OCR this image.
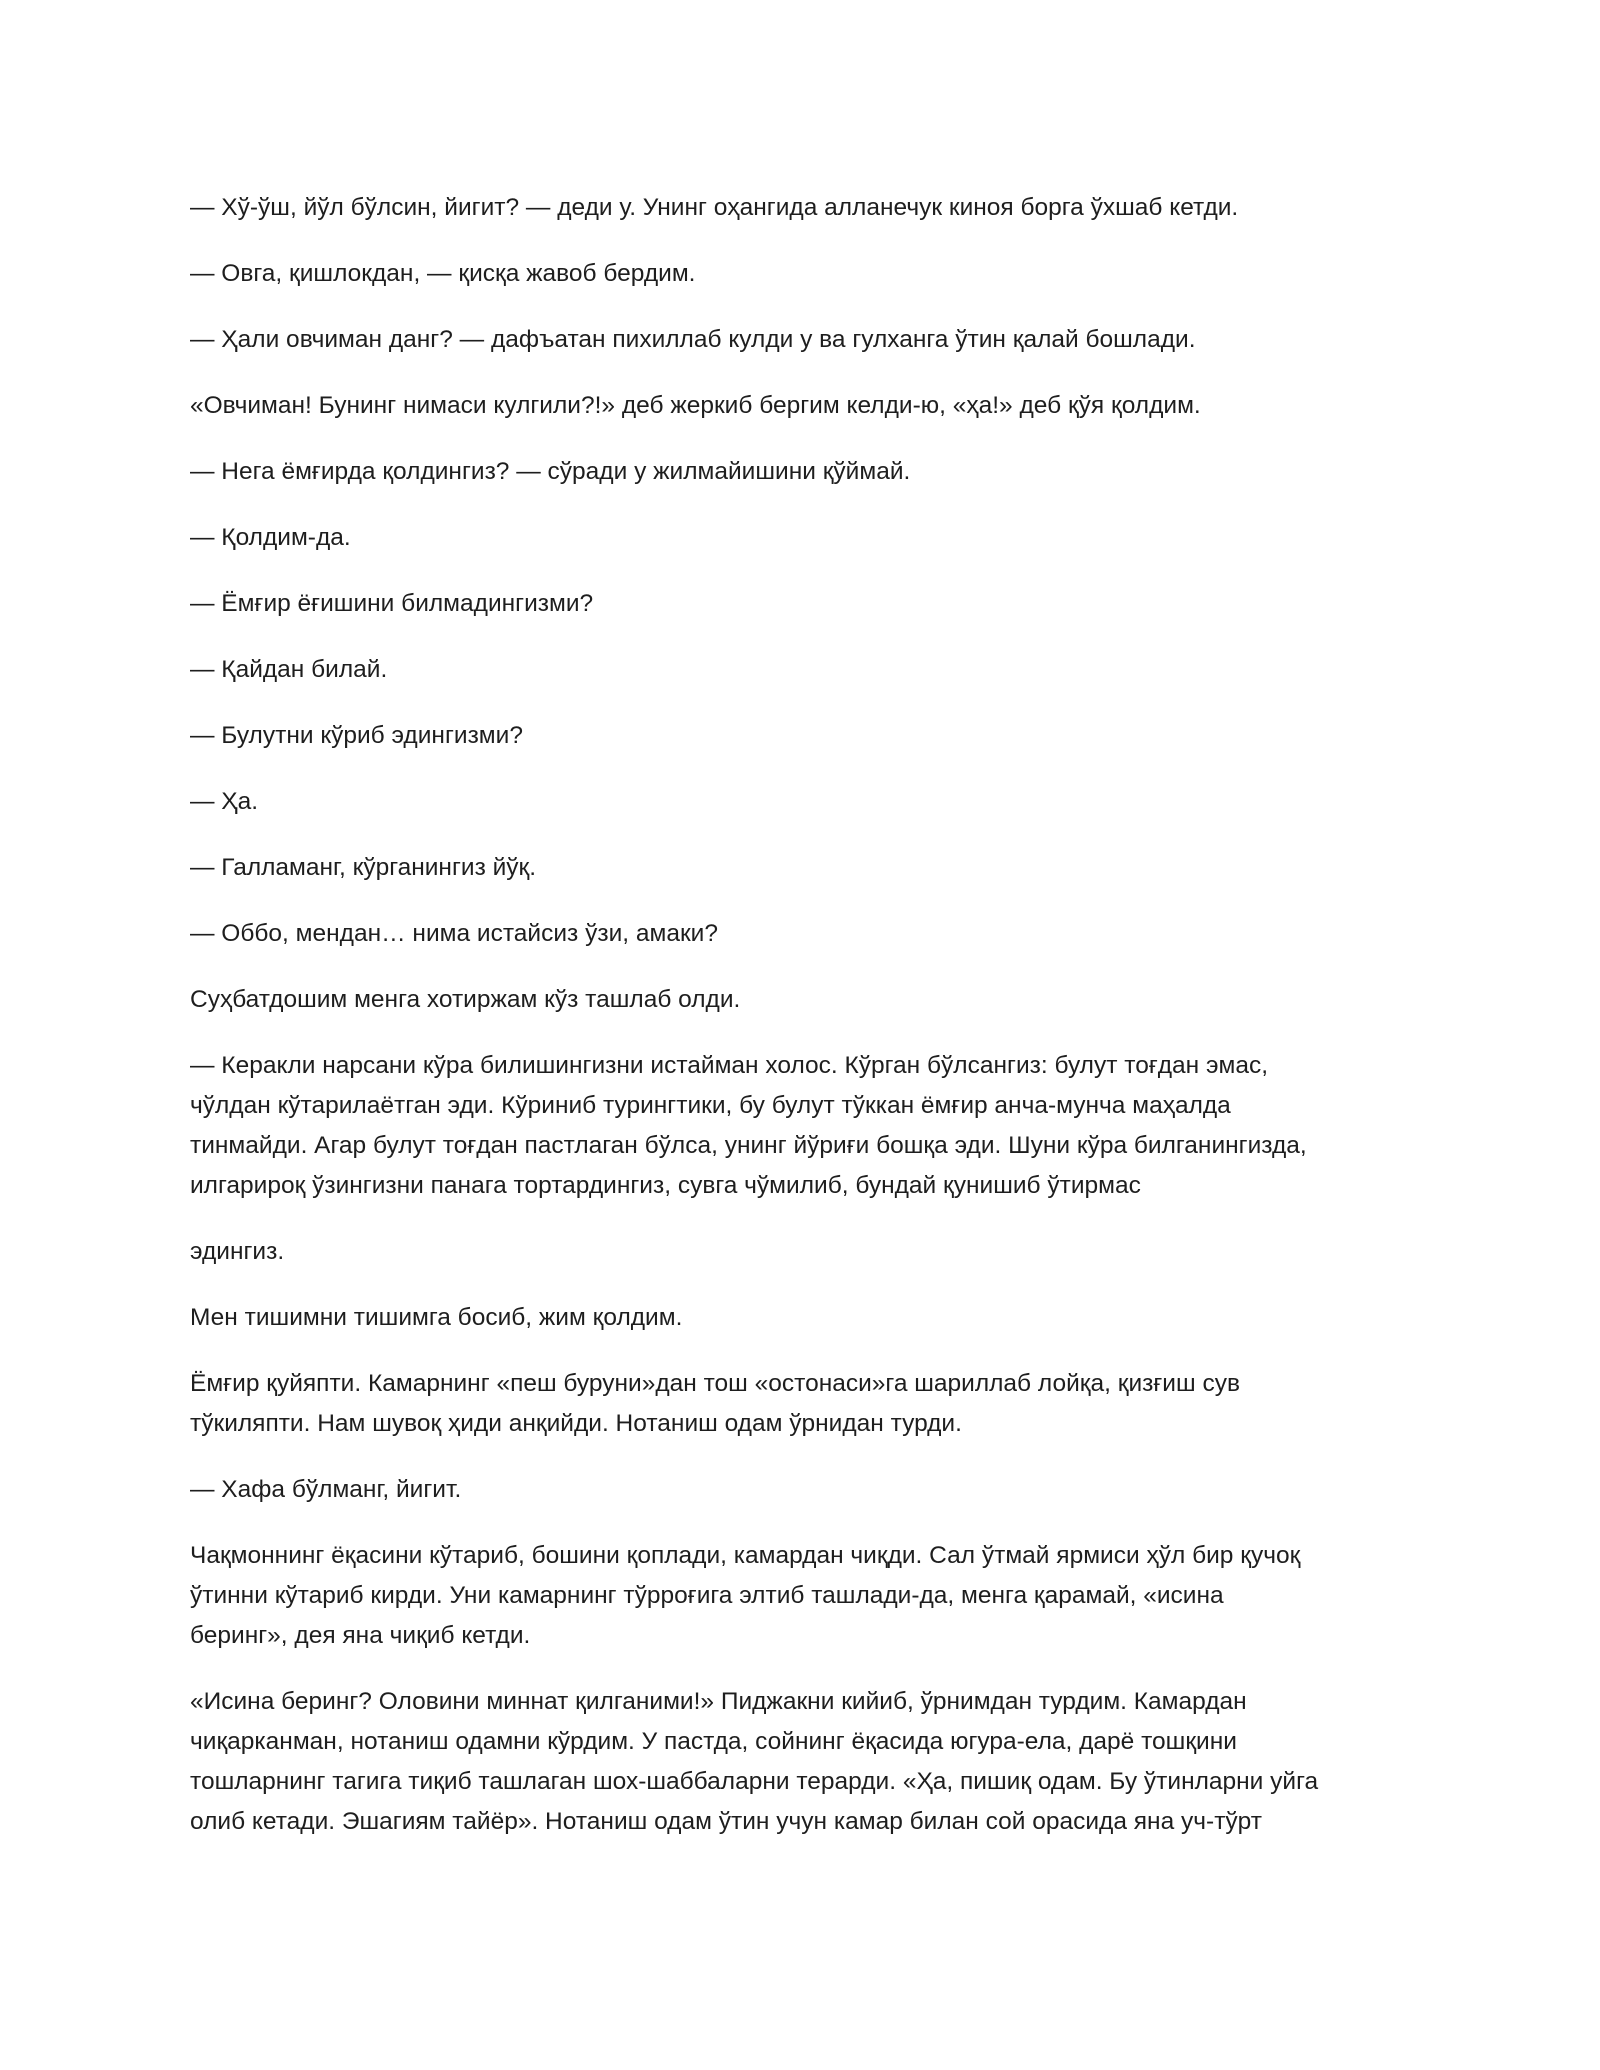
— Хў-ўш, йўл бўлсин, йигит? — деди у. Унинг оҳангида алланечук киноя борга ўхшаб кетди.

— Овга, қишлокдан, — қисқа жавоб бердим.

— Ҳали овчиман данг? — дафъатан пихиллаб кулди у ва гулханга ўтин қалай бошлади.

«Овчиман! Бунинг нимаси кулгили?!» деб жеркиб бергим келди-ю, «ҳа!» деб қўя қолдим.

— Нега ёмғирда қолдингиз? — сўради у жилмайишини қўймай.

— Қолдим-да.

— Ёмғир ёғишини билмадингизми?

— Қайдан билай.

— Булутни кўриб эдингизми?

— Ҳа.

— Галламанг, кўрганингиз йўқ.

— Оббо, мендан… нима истайсиз ўзи, амаки?

Суҳбатдошим менга хотиржам кўз ташлаб олди.

— Керакли нарсани кўра билишингизни истайман холос. Кўрган бўлсангиз: булут тоғдан эмас,
чўлдан кўтарилаётган эди. Кўриниб турингтики, бу булут тўккан ёмғир анча-мунча маҳалда
тинмайди. Агар булут тоғдан пастлаган бўлса, унинг йўриғи бошқа эди. Шуни кўра билганингизда,
илгарироқ ўзингизни панага тортардингиз, сувга чўмилиб, бундай қунишиб ўтирмас

эдингиз.

Мен тишимни тишимга босиб, жим қолдим.

Ёмғир қуйяпти. Камарнинг «пеш буруни»дан тош «остонаси»га шариллаб лойқа, қизғиш сув
тўкиляпти. Нам шувоқ ҳиди анқийди. Нотаниш одам ўрнидан турди.

— Хафа бўлманг, йигит.

Чақмоннинг ёқасини кўтариб, бошини қоплади, камардан чиқди. Сал ўтмай ярмиси ҳўл бир қучоқ
ўтинни кўтариб кирди. Уни камарнинг тўрроғига элтиб ташлади-да, менга қарамай, «исина
беринг», дея яна чиқиб кетди.

«Исина беринг? Оловини миннат қилганими!» Пиджакни кийиб, ўрнимдан турдим. Камардан
чиқарканман, нотаниш одамни кўрдим. У пастда, сойнинг ёқасида югура-ела, дарё тошқини
тошларнинг тагига тиқиб ташлаган шох-шаббаларни терарди. «Ҳа, пишиқ одам. Бу ўтинларни уйга
олиб кетади. Эшагиям тайёр». Нотаниш одам ўтин учун камар билан сой орасида яна уч-тўрт
